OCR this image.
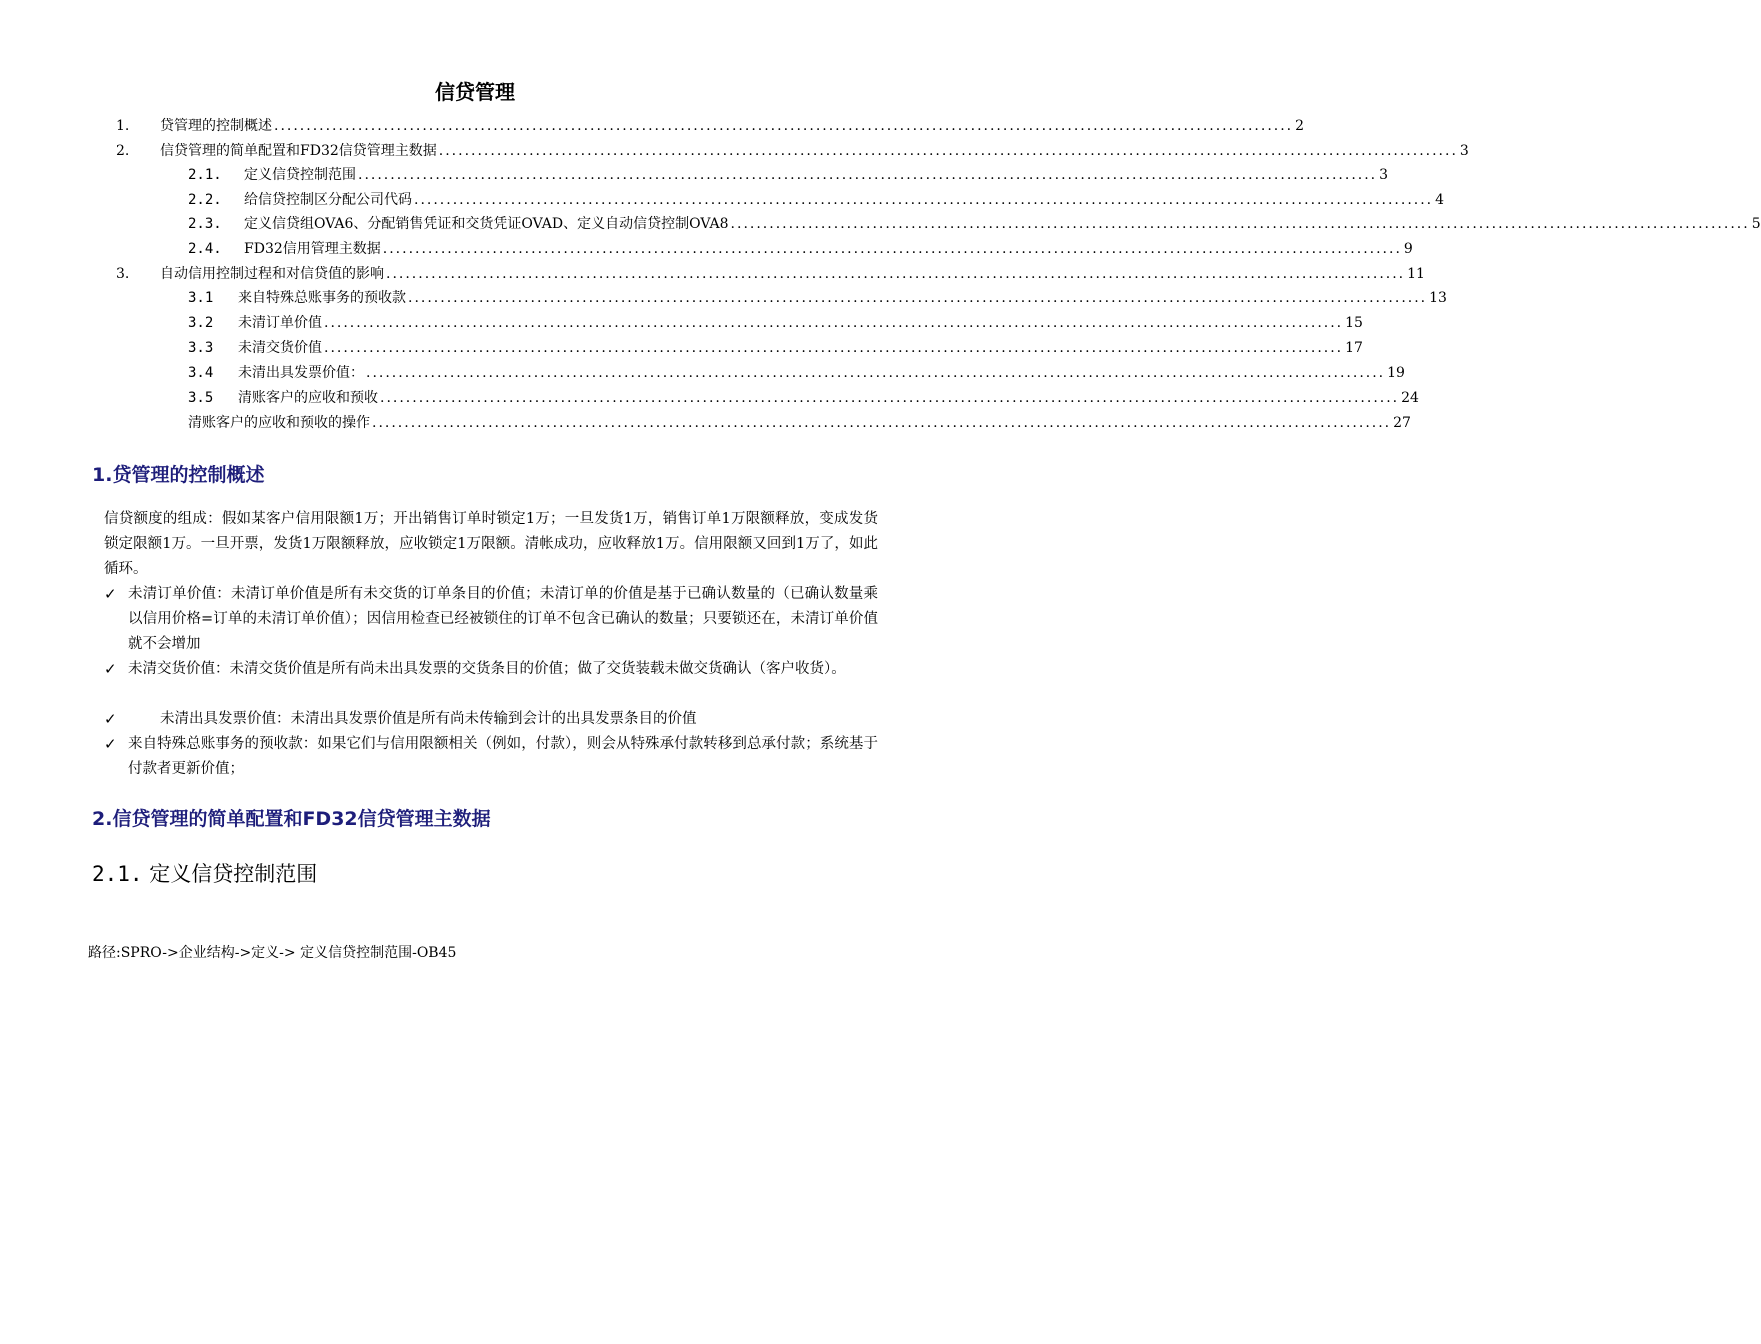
信贷管理
1.	贷管理的控制概述 .............................................................................................................................................................. 2
2.	信贷管理的简单配置和FD32信贷管理主数据 .............................................................................................................................................................. 3
2.1.	定义信贷控制范围 .............................................................................................................................................................. 3
2.2.	给信贷控制区分配公司代码 .............................................................................................................................................................. 4
2.3.	定义信贷组OVA6、分配销售凭证和交货凭证OVAD、定义自动信贷控制OVA8 .............................................................................................................................................................. 5
2.4.	FD32信用管理主数据 .............................................................................................................................................................. 9
3.	自动信用控制过程和对信贷值的影响 .............................................................................................................................................................. 11
3.1	来自特殊总账事务的预收款 .............................................................................................................................................................. 13
3.2	未清订单价值 .............................................................................................................................................................. 15
3.3	未清交货价值 .............................................................................................................................................................. 17
3.4	未清出具发票价值： .............................................................................................................................................................. 19
3.5	清账客户的应收和预收 .............................................................................................................................................................. 24
清账客户的应收和预收的操作 .............................................................................................................................................................. 27
1.贷管理的控制概述

信贷额度的组成：假如某客户信用限额1万；开出销售订单时锁定1万；一旦发货1万，销售订单1万限额释放，变成发货锁定限额1万。一旦开票，发货1万限额释放，应收锁定1万限额。清帐成功，应收释放1万。信用限额又回到1万了，如此循环。

✓ 未清订单价值：未清订单价值是所有未交货的订单条目的价值；未清订单的价值是基于已确认数量的（已确认数量乘以信用价格=订单的未清订单价值）；因信用检查已经被锁住的订单不包含已确认的数量；只要锁还在，未清订单价值就不会增加
✓ 未清交货价值：未清交货价值是所有尚未出具发票的交货条目的价值；做了交货装载未做交货确认（客户收货）。
✓	未清出具发票价值：未清出具发票价值是所有尚未传输到会计的出具发票条目的价值
✓ 来自特殊总账事务的预收款：如果它们与信用限额相关（例如，付款），则会从特殊承付款转移到总承付款；系统基于付款者更新价值；
2.信贷管理的简单配置和FD32信贷管理主数据
2.1. 定义信贷控制范围
路径:SPRO->企业结构->定义-> 定义信贷控制范围-OB45
